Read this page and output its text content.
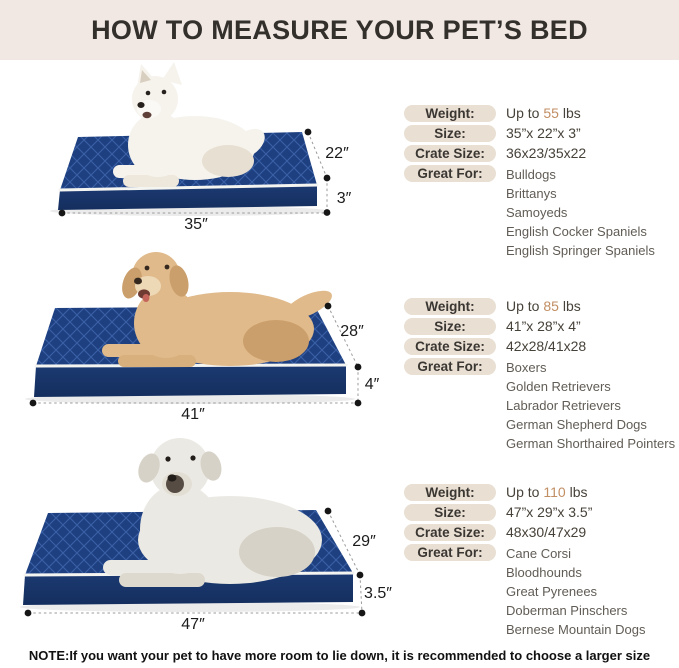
HOW TO MEASURE YOUR PET’S BED
22″
3″
35″
28″
4″
41″
29″
3.5″
47″
Weight:	Up to 55 lbs
Size:	35”x 22”x 3”
Crate Size:	36x23/35x22
Great For:	Bulldogs
Brittanys
Samoyeds
English Cocker Spaniels
English Springer Spaniels
Weight:	Up to 85 lbs
Size:	41”x 28”x 4”
Crate Size:	42x28/41x28
Great For:	Boxers
Golden Retrievers
Labrador Retrievers
German Shepherd Dogs
German Shorthaired Pointers
Weight:	Up to 110 lbs
Size:	47”x 29”x 3.5”
Crate Size:	48x30/47x29
Great For:	Cane Corsi
Bloodhounds
Great Pyrenees
Doberman Pinschers
Bernese Mountain Dogs
NOTE:If you want your pet to have more room to lie down, it is recommended to choose a larger size
